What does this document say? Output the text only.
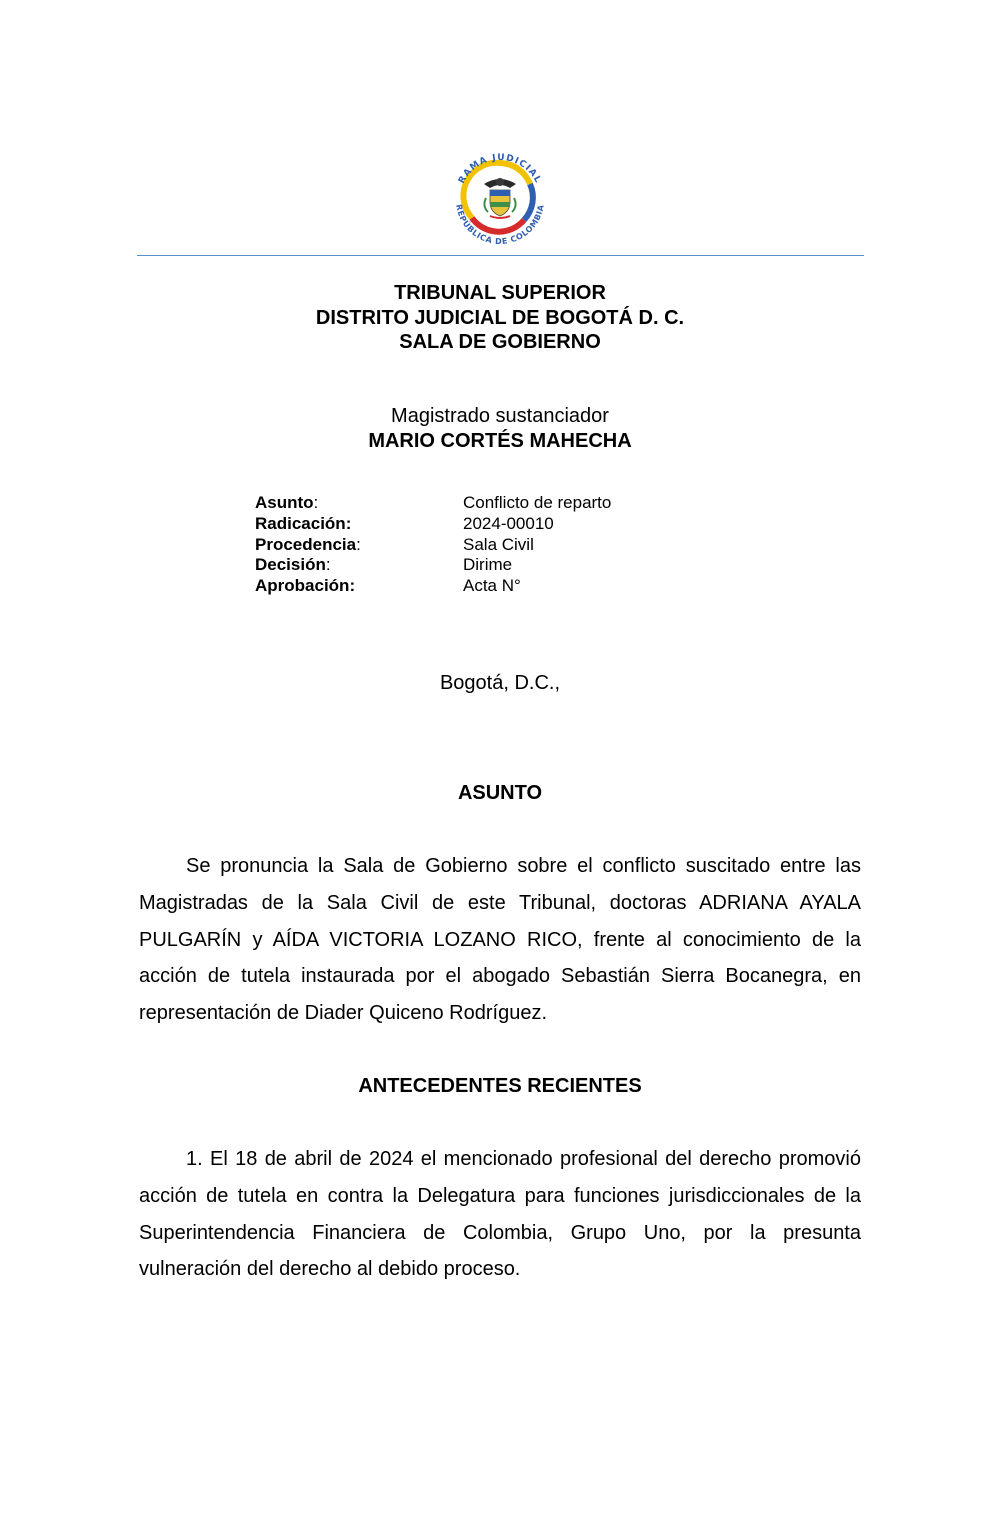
RAMA JUDICIAL
REPÚBLICA DE COLOMBIA
TRIBUNAL SUPERIOR
DISTRITO JUDICIAL DE BOGOTÁ D. C.
SALA DE GOBIERNO
Magistrado sustanciador
MARIO CORTÉS MAHECHA
Asunto:	Conflicto de reparto
Radicación:	2024-00010
Procedencia:	Sala Civil
Decisión:	Dirime
Aprobación:	Acta N°
Bogotá, D.C.,
ASUNTO

Se pronuncia la Sala de Gobierno sobre el conflicto suscitado entre las Magistradas de la Sala Civil de este Tribunal, doctoras ADRIANA AYALA PULGARÍN y AÍDA VICTORIA LOZANO RICO, frente al conocimiento de la acción de tutela instaurada por el abogado Sebastián Sierra Bocanegra, en representación de Diader Quiceno Rodríguez.

ANTECEDENTES RECIENTES

1. El 18 de abril de 2024 el mencionado profesional del derecho promovió acción de tutela en contra la Delegatura para funciones jurisdiccionales de la Superintendencia Financiera de Colombia, Grupo Uno, por la presunta vulneración del derecho al debido proceso.
